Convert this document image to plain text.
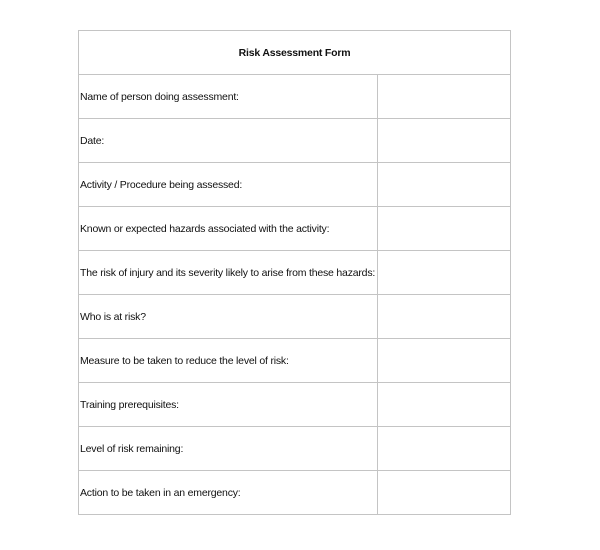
Risk Assessment Form	
Name of person doing assessment:	
Date:	
Activity / Procedure being assessed:	
Known or expected hazards associated with the activity:	
The risk of injury and its severity likely to arise from these hazards:	
Who is at risk?	
Measure to be taken to reduce the level of risk:	
Training prerequisites:	
Level of risk remaining:	
Action to be taken in an emergency:	
